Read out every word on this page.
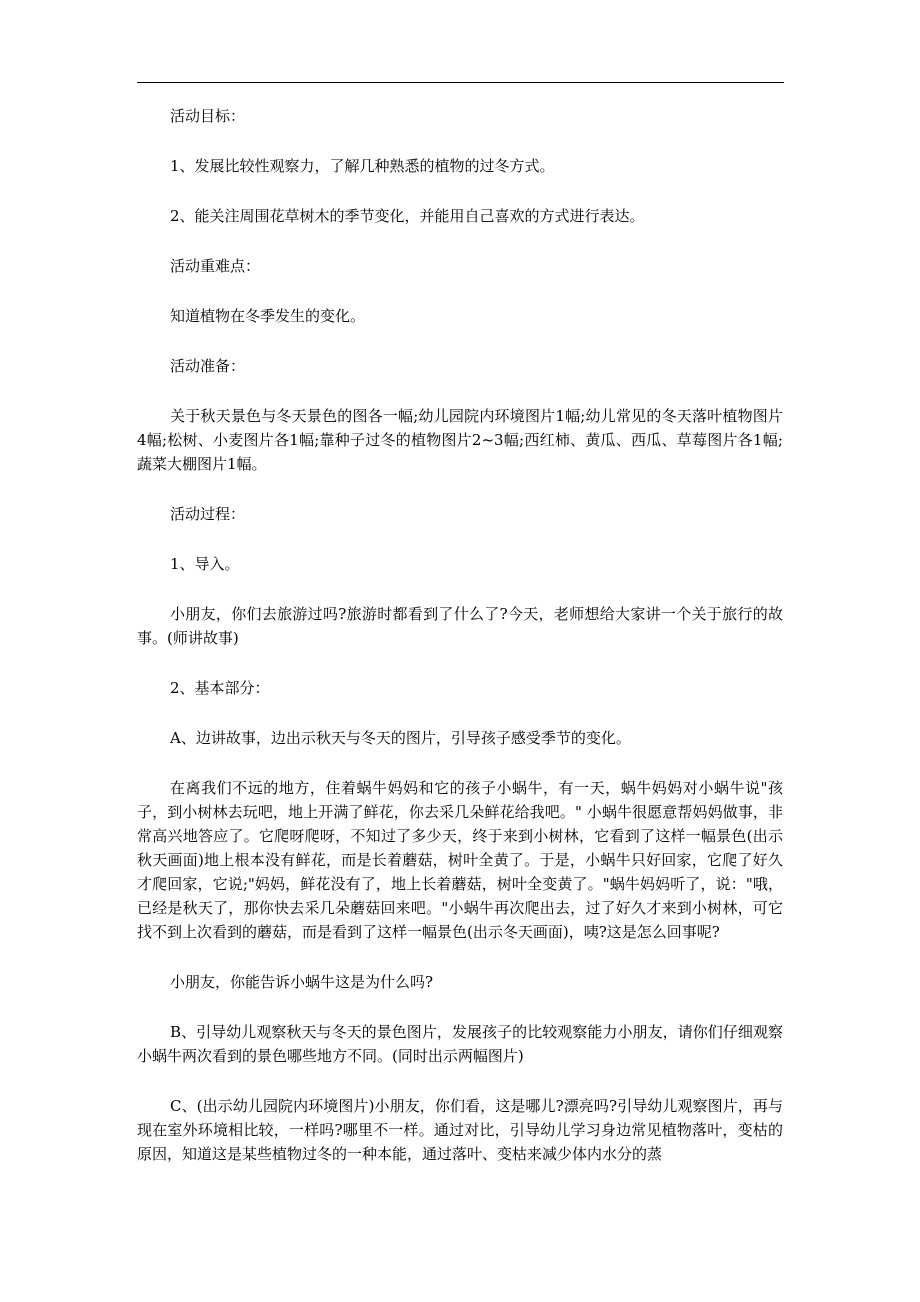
活动目标：

1、发展比较性观察力，了解几种熟悉的植物的过冬方式。

2、能关注周围花草树木的季节变化，并能用自己喜欢的方式进行表达。

活动重难点：

知道植物在冬季发生的变化。

活动准备：

关于秋天景色与冬天景色的图各一幅;幼儿园院内环境图片1幅;幼儿常见的冬天落叶植物图片4幅;松树、小麦图片各1幅;靠种子过冬的植物图片2~3幅;西红柿、黄瓜、西瓜、草莓图片各1幅;蔬菜大棚图片1幅。

活动过程：

1、导入。

小朋友，你们去旅游过吗?旅游时都看到了什么了?今天，老师想给大家讲一个关于旅行的故事。(师讲故事)

2、基本部分：

A、边讲故事，边出示秋天与冬天的图片，引导孩子感受季节的变化。

在离我们不远的地方，住着蜗牛妈妈和它的孩子小蜗牛，有一天，蜗牛妈妈对小蜗牛说"孩子，到小树林去玩吧，地上开满了鲜花，你去采几朵鲜花给我吧。" 小蜗牛很愿意帮妈妈做事，非常高兴地答应了。它爬呀爬呀，不知过了多少天，终于来到小树林，它看到了这样一幅景色(出示秋天画面)地上根本没有鲜花，而是长着蘑菇，树叶全黄了。于是，小蜗牛只好回家，它爬了好久才爬回家，它说;"妈妈，鲜花没有了，地上长着蘑菇，树叶全变黄了。"蜗牛妈妈听了，说："哦，已经是秋天了，那你快去采几朵蘑菇回来吧。"小蜗牛再次爬出去，过了好久才来到小树林，可它找不到上次看到的蘑菇，而是看到了这样一幅景色(出示冬天画面)，咦?这是怎么回事呢?

小朋友，你能告诉小蜗牛这是为什么吗?

B、引导幼儿观察秋天与冬天的景色图片，发展孩子的比较观察能力小朋友，请你们仔细观察小蜗牛两次看到的景色哪些地方不同。(同时出示两幅图片)

C、(出示幼儿园院内环境图片)小朋友，你们看，这是哪儿?漂亮吗?引导幼儿观察图片，再与现在室外环境相比较，一样吗?哪里不一样。通过对比，引导幼儿学习身边常见植物落叶，变枯的原因，知道这是某些植物过冬的一种本能，通过落叶、变枯来减少体内水分的蒸
